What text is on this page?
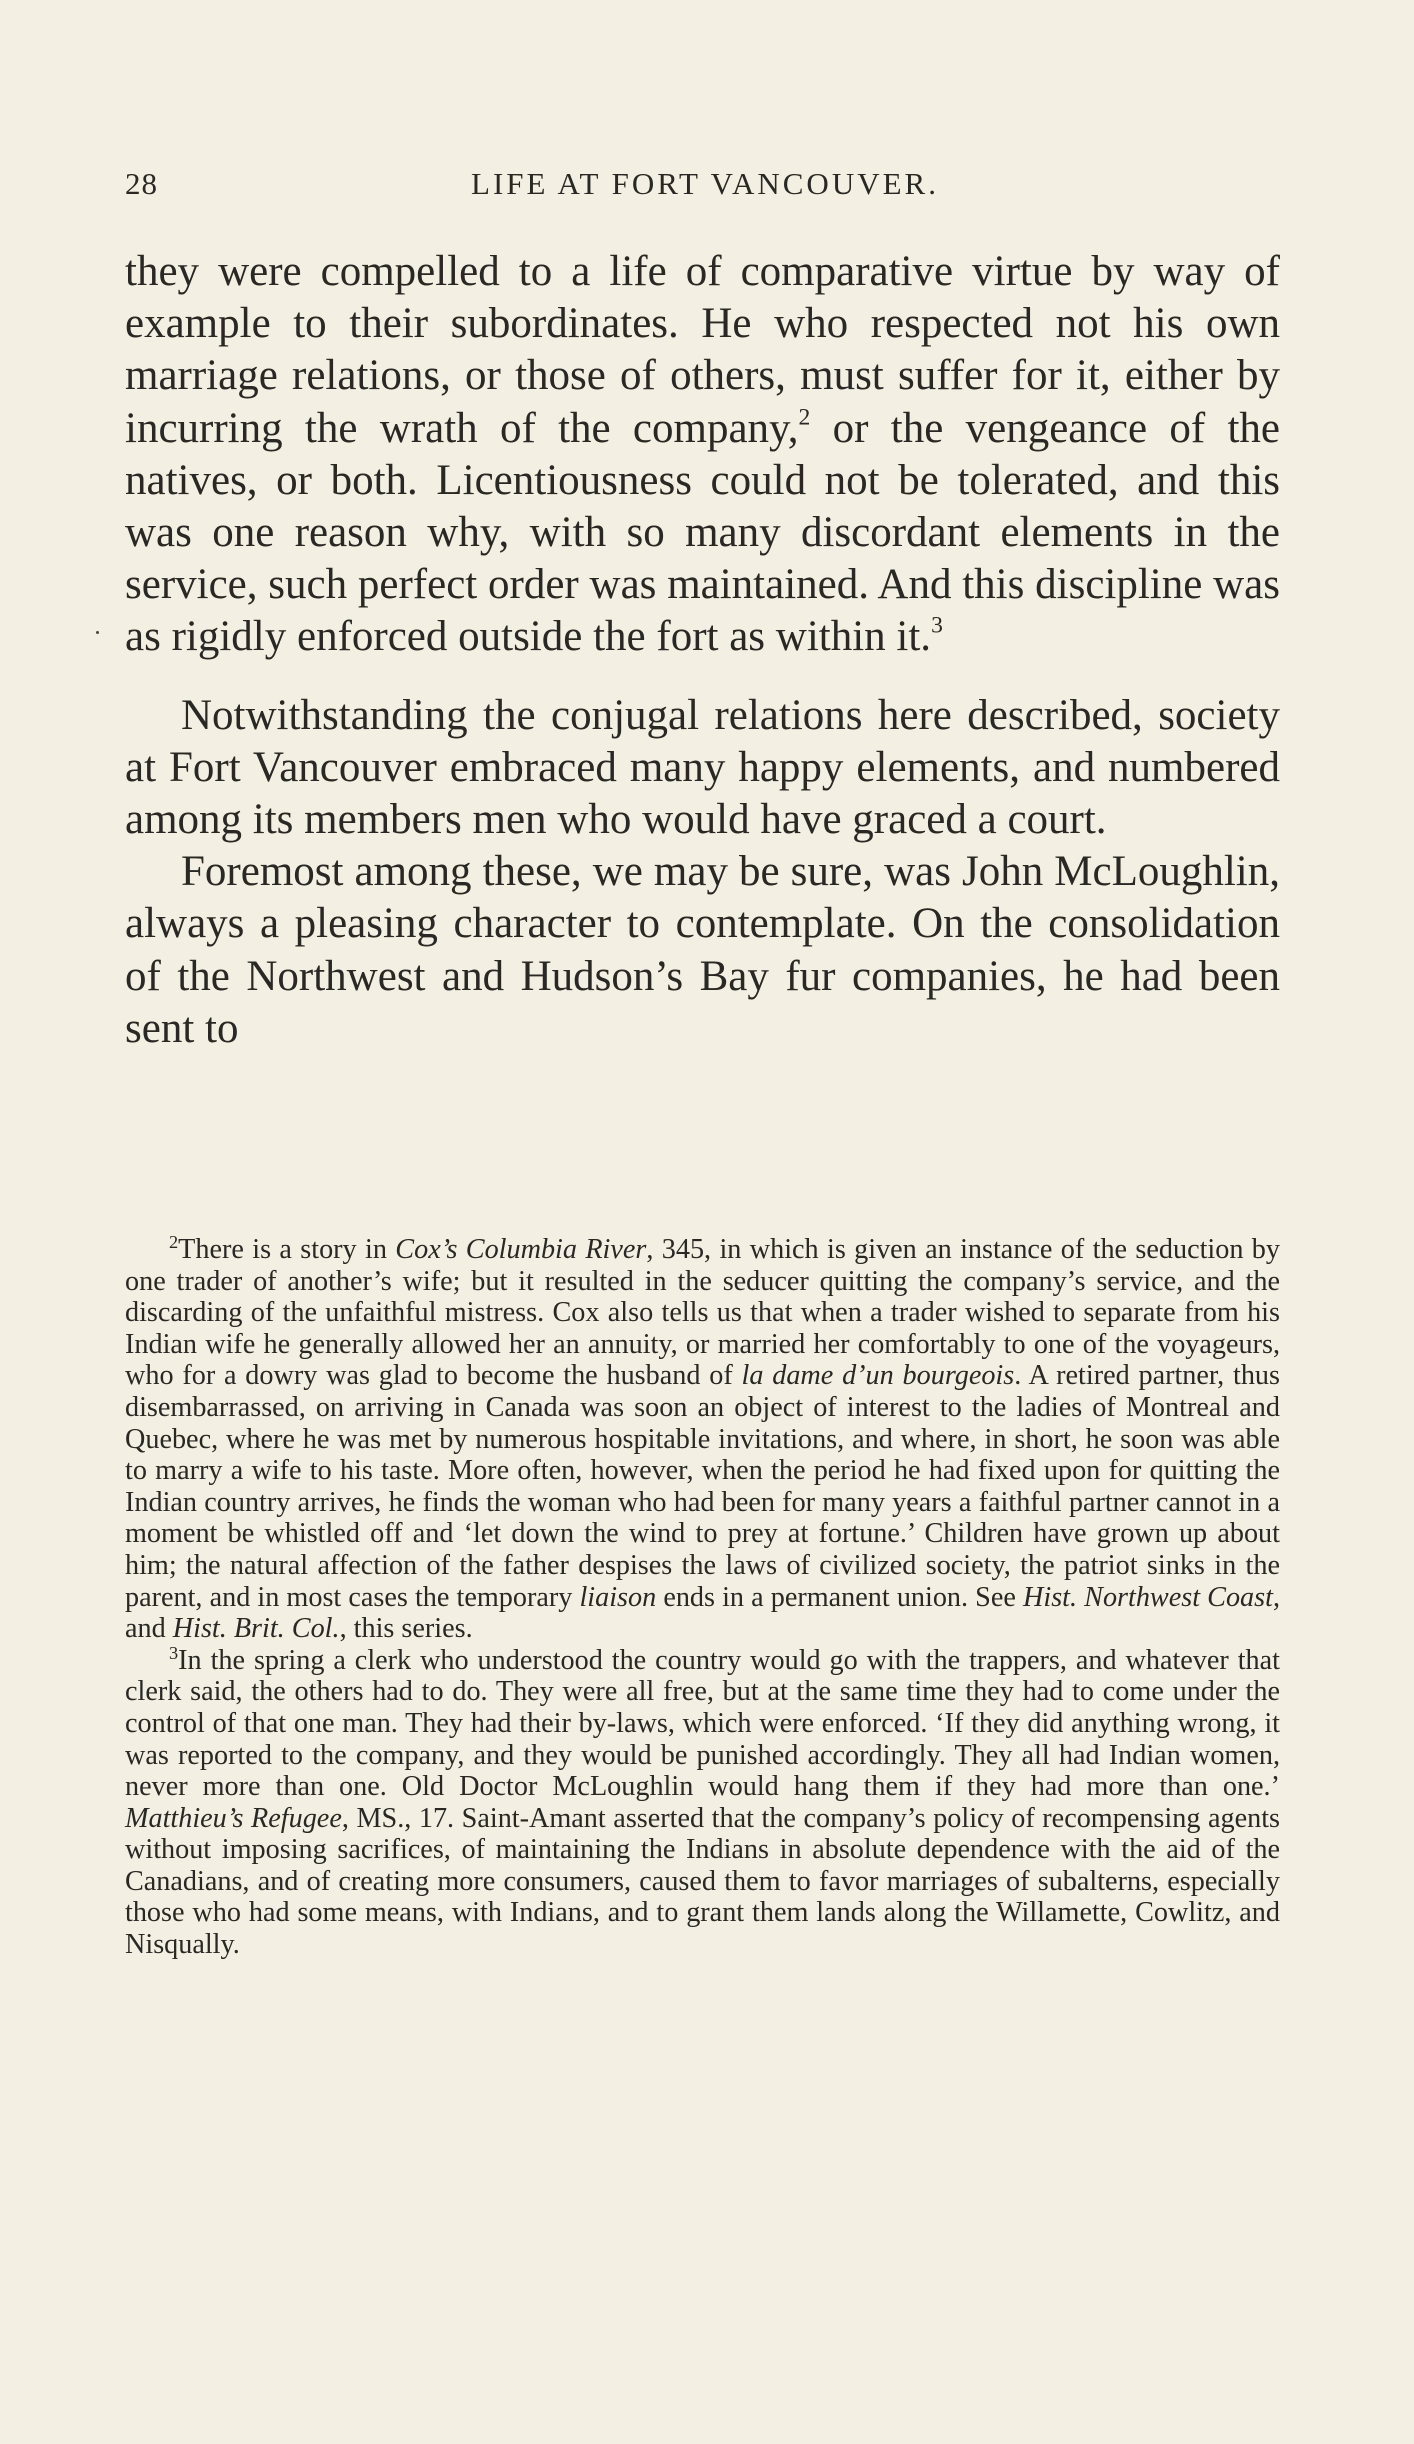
28	LIFE AT FORT VANCOUVER.

they were compelled to a life of comparative virtue by way of example to their subordinates. He who respected not his own marriage relations, or those of others, must suffer for it, either by incurring the wrath of the company,$^2$ or the vengeance of the natives, or both. Licentiousness could not be tolerated, and this was one reason why, with so many discordant elements in the service, such perfect order was maintained. And this discipline was as rigidly enforced outside the fort as within it.$^3$

Notwithstanding the conjugal relations here described, society at Fort Vancouver embraced many happy elements, and numbered among its members men who would have graced a court.

Foremost among these, we may be sure, was John McLoughlin, always a pleasing character to contemplate. On the consolidation of the Northwest and Hudson’s Bay fur companies, he had been sent to

$^2$There is a story in Cox’s Columbia River, 345, in which is given an instance of the seduction by one trader of another’s wife; but it resulted in the seducer quitting the company’s service, and the discarding of the unfaithful mistress. Cox also tells us that when a trader wished to separate from his Indian wife he generally allowed her an annuity, or married her comfortably to one of the voyageurs, who for a dowry was glad to become the husband of la dame d’un bourgeois. A retired partner, thus disembarrassed, on arriving in Canada was soon an object of interest to the ladies of Montreal and Quebec, where he was met by numerous hospitable invitations, and where, in short, he soon was able to marry a wife to his taste. More often, however, when the period he had fixed upon for quitting the Indian country arrives, he finds the woman who had been for many years a faithful partner cannot in a moment be whistled off and ‘let down the wind to prey at fortune.’ Children have grown up about him; the natural affection of the father despises the laws of civilized society, the patriot sinks in the parent, and in most cases the temporary liaison ends in a permanent union. See Hist. Northwest Coast, and Hist. Brit. Col., this series.

$^3$In the spring a clerk who understood the country would go with the trappers, and whatever that clerk said, the others had to do. They were all free, but at the same time they had to come under the control of that one man. They had their by-laws, which were enforced. ‘If they did anything wrong, it was reported to the company, and they would be punished accordingly. They all had Indian women, never more than one. Old Doctor McLoughlin would hang them if they had more than one.’ Matthieu’s Refugee, MS., 17. Saint-Amant asserted that the company’s policy of recompensing agents without imposing sacrifices, of maintaining the Indians in absolute dependence with the aid of the Canadians, and of creating more consumers, caused them to favor marriages of subalterns, especially those who had some means, with Indians, and to grant them lands along the Willamette, Cowlitz, and Nisqually.
